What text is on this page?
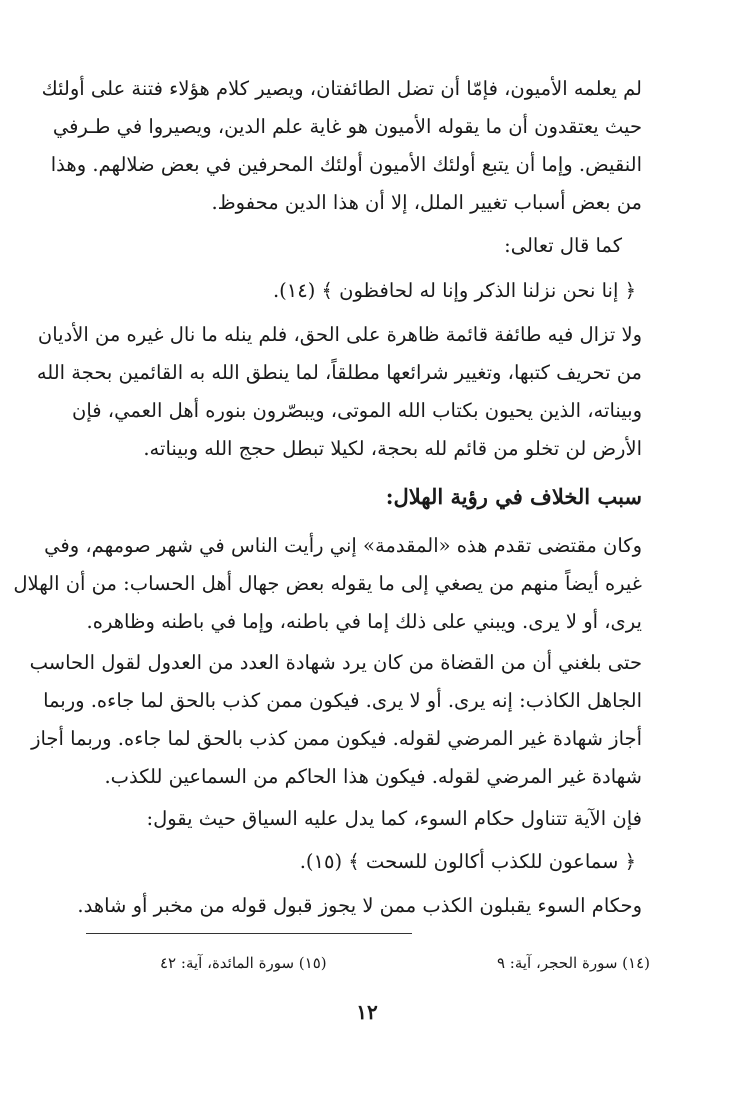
لم يعلمه الأميون، فإمّا أن تضل الطائفتان، ويصير كلام هؤلاء فتنة على أولئك
حيث يعتقدون أن ما يقوله الأميون هو غاية علم الدين، ويصيروا في طـرفي
النقيض. وإما أن يتبع أولئك الأميون أولئك المحرفين في بعض ضلالهم. وهذا
من بعض أسباب تغيير الملل، إلا أن هذا الدين محفوظ.

كما قال تعالى:

﴿ إنا نحن نزلنا الذكر وإنا له لحافظون ﴾ (١٤).

ولا تزال فيه طائفة قائمة ظاهرة على الحق، فلم ينله ما نال غيره من الأديان
من تحريف كتبها، وتغيير شرائعها مطلقاً، لما ينطق الله به القائمين بحجة الله
وبيناته، الذين يحيون بكتاب الله الموتى، ويبصّرون بنوره أهل العمي، فإن
الأرض لن تخلو من قائم لله بحجة، لكيلا تبطل حجج الله وبيناته.

سبب الخلاف في رؤية الهلال:

وكان مقتضى تقدم هذه «المقدمة» إني رأيت الناس في شهر صومهم، وفي
غيره أيضاً منهم من يصغي إلى ما يقوله بعض جهال أهل الحساب: من أن الهلال
يرى، أو لا يرى. ويبني على ذلك إما في باطنه، وإما في باطنه وظاهره.

حتى بلغني أن من القضاة من كان يرد شهادة العدد من العدول لقول الحاسب
الجاهل الكاذب: إنه يرى. أو لا يرى. فيكون ممن كذب بالحق لما جاءه. وربما
أجاز شهادة غير المرضي لقوله. فيكون ممن كذب بالحق لما جاءه. وربما أجاز
شهادة غير المرضي لقوله. فيكون هذا الحاكم من السماعين للكذب.

فإن الآية تتناول حكام السوء، كما يدل عليه السياق حيث يقول:

﴿ سماعون للكذب أكالون للسحت ﴾ (١٥).

وحكام السوء يقبلون الكذب ممن لا يجوز قبول قوله من مخبر أو شاهد.

(١٤) سورة الحجر، آية: ٩
(١٥) سورة المائدة، آية: ٤٢
١٢
